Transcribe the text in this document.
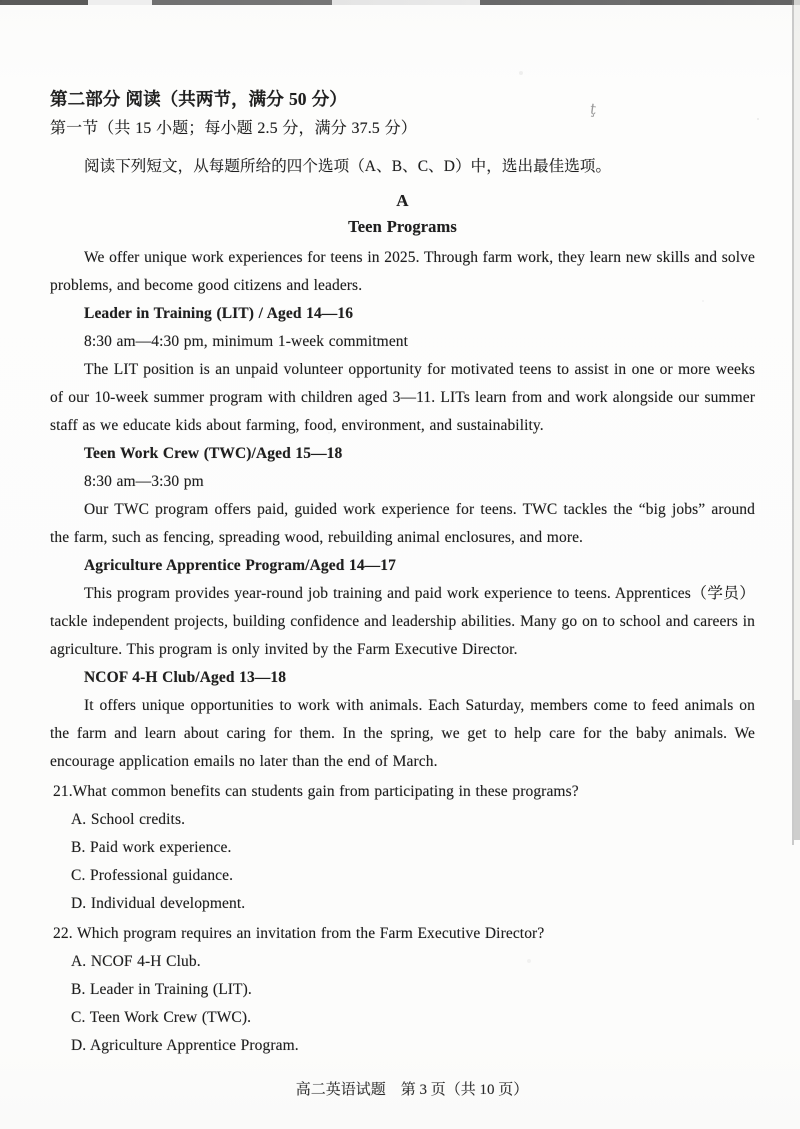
ţ
第二部分 阅读（共两节，满分 50 分）
第一节（共 15 小题；每小题 2.5 分，满分 37.5 分）

阅读下列短文，从每题所给的四个选项（A、B、C、D）中，选出最佳选项。

A
Teen Programs

We offer unique work experiences for teens in 2025. Through farm work, they learn new skills and solve problems, and become good citizens and leaders.

Leader in Training (LIT) / Aged 14—16
8:30 am—4:30 pm, minimum 1-week commitment

The LIT position is an unpaid volunteer opportunity for motivated teens to assist in one or more weeks of our 10-week summer program with children aged 3—11. LITs learn from and work alongside our summer staff as we educate kids about farming, food, environment, and sustainability.

Teen Work Crew (TWC)/Aged 15—18
8:30 am—3:30 pm

Our TWC program offers paid, guided work experience for teens. TWC tackles the “big jobs” around the farm, such as fencing, spreading wood, rebuilding animal enclosures, and more.

Agriculture Apprentice Program/Aged 14—17

This program provides year-round job training and paid work experience to teens. Apprentices（学员）tackle independent projects, building confidence and leadership abilities. Many go on to school and careers in agriculture. This program is only invited by the Farm Executive Director.

NCOF 4-H Club/Aged 13—18

It offers unique opportunities to work with animals. Each Saturday, members come to feed animals on the farm and learn about caring for them. In the spring, we get to help care for the baby animals. We encourage application emails no later than the end of March.

21.What common benefits can students gain from participating in these programs?

A. School credits.

B. Paid work experience.

C. Professional guidance.

D. Individual development.

22. Which program requires an invitation from the Farm Executive Director?

A. NCOF 4-H Club.

B. Leader in Training (LIT).

C. Teen Work Crew (TWC).

D. Agriculture Apprentice Program.

高二英语试题　第 3 页（共 10 页）
